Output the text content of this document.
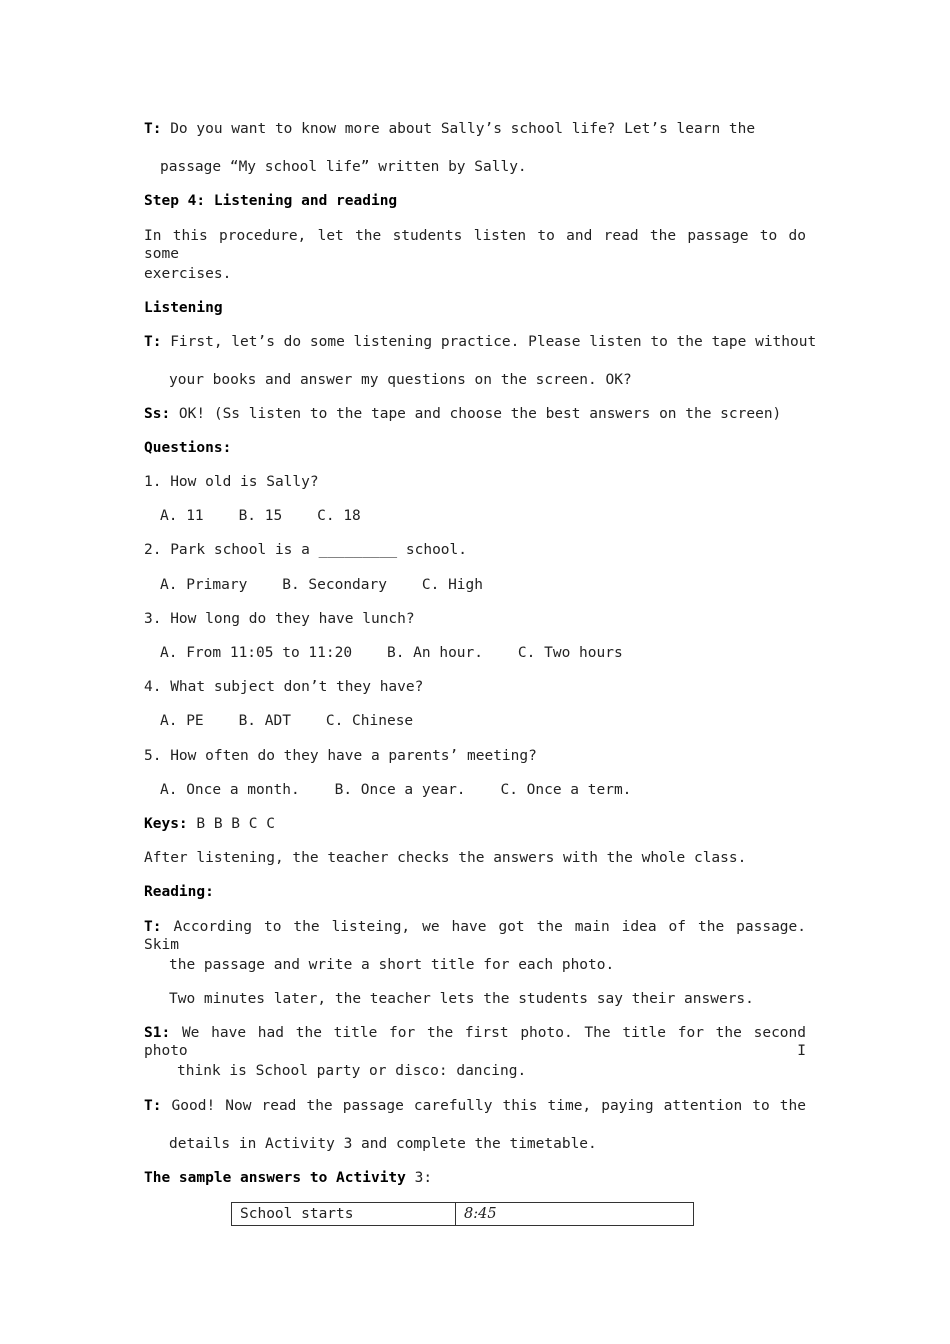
T: Do you want to know more about Sally’s school life? Let’s learn the
passage “My school life” written by Sally.
Step 4: Listening and reading
In this procedure, let the students listen to and read the passage to do some
exercises.
Listening
T: First, let’s do some listening practice. Please listen to the tape without
your books and answer my questions on the screen. OK?
Ss: OK! (Ss listen to the tape and choose the best answers on the screen)
Questions:
1. How old is Sally?
A. 11    B. 15    C. 18
2. Park school is a _________ school.
A. Primary    B. Secondary    C. High
3. How long do they have lunch?
A. From 11:05 to 11:20    B. An hour.    C. Two hours
4. What subject don’t they have?
A. PE    B. ADT    C. Chinese
5. How often do they have a parents’ meeting?
A. Once a month.    B. Once a year.    C. Once a term.
Keys: B B B C C
After listening, the teacher checks the answers with the whole class.
Reading:
T: According to the listeing, we have got the main idea of the passage. Skim
the passage and write a short title for each photo.
Two minutes later, the teacher lets the students say their answers.
S1: We have had the title for the first photo. The title for the second photo I
think is School party or disco: dancing.
T: Good! Now read the passage carefully this time, paying attention to the
details in Activity 3 and complete the timetable.
The sample answers to Activity 3:
School starts	8:45
